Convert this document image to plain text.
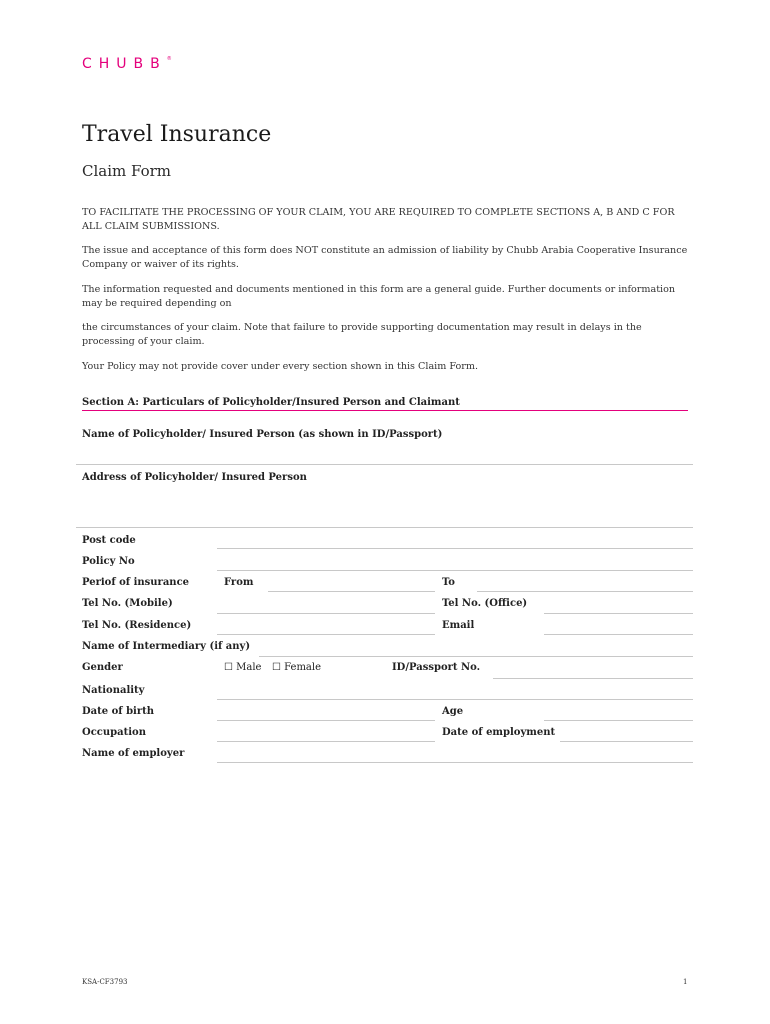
CHUBB®
Travel Insurance
Claim Form
TO FACILITATE THE PROCESSING OF YOUR CLAIM, YOU ARE REQUIRED TO COMPLETE SECTIONS A, B AND C FOR ALL CLAIM SUBMISSIONS.
The issue and acceptance of this form does NOT constitute an admission of liability by Chubb Arabia Cooperative Insurance Company or waiver of its rights.
The information requested and documents mentioned in this form are a general guide. Further documents or information may be required depending on
the circumstances of your claim. Note that failure to provide supporting documentation may result in delays in the processing of your claim.
Your Policy may not provide cover under every section shown in this Claim Form.
Section A: Particulars of Policyholder/Insured Person and Claimant
Name of Policyholder/ Insured Person (as shown in ID/Passport)
Address of Policyholder/ Insured Person
Post code
Policy No
Perіof of insurance	From	To
Tel No. (Mobile)	Tel No. (Office)
Tel No. (Residence)	Email
Name of Intermediary (if any)
Gender	☐ Male ☐ Female	ID/Passport No.
Nationality
Date of birth	Age
Occupation	Date of employment
Name of employer
KSA-CF3793	1
